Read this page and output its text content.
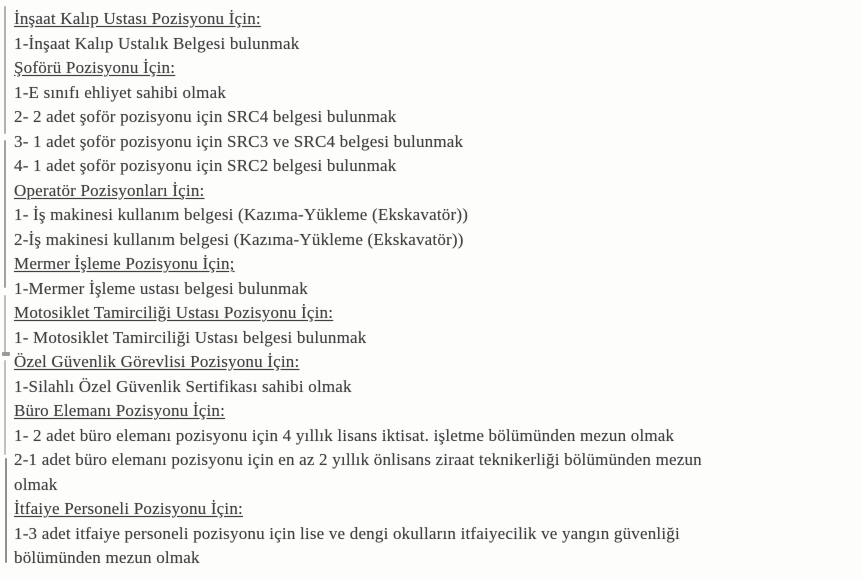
İnşaat Kalıp Ustası Pozisyonu İçin:
1-İnşaat Kalıp Ustalık Belgesi bulunmak
Şoförü Pozisyonu İçin:
1-E sınıfı ehliyet sahibi olmak
2- 2 adet şoför pozisyonu için SRC4 belgesi bulunmak
3- 1 adet şoför pozisyonu için SRC3 ve SRC4 belgesi bulunmak
4- 1 adet şoför pozisyonu için SRC2 belgesi bulunmak
Operatör Pozisyonları İçin:
1- İş makinesi kullanım belgesi (Kazıma-Yükleme (Ekskavatör))
2-İş makinesi kullanım belgesi (Kazıma-Yükleme (Ekskavatör))
Mermer İşleme Pozisyonu İçin;
1-Mermer İşleme ustası belgesi bulunmak
Motosiklet Tamirciliği Ustası Pozisyonu İçin:
1- Motosiklet Tamirciliği Ustası belgesi bulunmak
Özel Güvenlik Görevlisi Pozisyonu İçin:
1-Silahlı Özel Güvenlik Sertifikası sahibi olmak
Büro Elemanı Pozisyonu İçin:
1- 2 adet büro elemanı pozisyonu için 4 yıllık lisans iktisat. işletme bölümünden mezun olmak
2-1 adet büro elemanı pozisyonu için en az 2 yıllık önlisans ziraat teknikerliği bölümünden mezun
olmak
İtfaiye Personeli Pozisyonu İçin:
1-3 adet itfaiye personeli pozisyonu için lise ve dengi okulların itfaiyecilik ve yangın güvenliği
bölümünden mezun olmak
